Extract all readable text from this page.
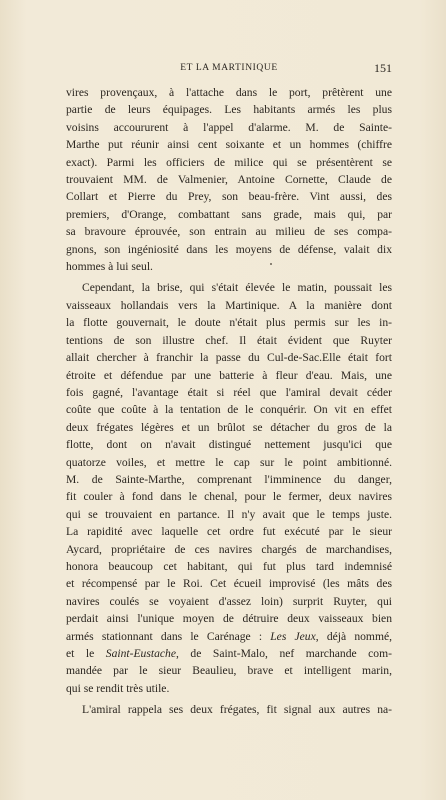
ET LA MARTINIQUE	151
vires provençaux, à l'attache dans le port, prêtèrent une
partie de leurs équipages. Les habitants armés les plus
voisins accoururent à l'appel d'alarme. M. de Sainte-
Marthe put réunir ainsi cent soixante et un hommes (chiffre
exact). Parmi les officiers de milice qui se présentèrent se
trouvaient MM. de Valmenier, Antoine Cornette, Claude de
Collart et Pierre du Prey, son beau-frère. Vint aussi, des
premiers, d'Orange, combattant sans grade, mais qui, par
sa bravoure éprouvée, son entrain au milieu de ses compa-
gnons, son ingéniosité dans les moyens de défense, valait dix
hommes à lui seul.
Cependant, la brise, qui s'était élevée le matin, poussait les
vaisseaux hollandais vers la Martinique. A la manière dont
la flotte gouvernait, le doute n'était plus permis sur les in-
tentions de son illustre chef. Il était évident que Ruyter
allait chercher à franchir la passe du Cul-de-Sac.Elle était fort
étroite et défendue par une batterie à fleur d'eau. Mais, une
fois gagné, l'avantage était si réel que l'amiral devait céder
coûte que coûte à la tentation de le conquérir. On vit en effet
deux frégates légères et un brûlot se détacher du gros de la
flotte, dont on n'avait distingué nettement jusqu'ici que
quatorze voiles, et mettre le cap sur le point ambitionné.
M. de Sainte-Marthe, comprenant l'imminence du danger,
fit couler à fond dans le chenal, pour le fermer, deux navires
qui se trouvaient en partance. Il n'y avait que le temps juste.
La rapidité avec laquelle cet ordre fut exécuté par le sieur
Aycard, propriétaire de ces navires chargés de marchandises,
honora beaucoup cet habitant, qui fut plus tard indemnisé
et récompensé par le Roi. Cet écueil improvisé (les mâts des
navires coulés se voyaient d'assez loin) surprit Ruyter, qui
perdait ainsi l'unique moyen de détruire deux vaisseaux bien
armés stationnant dans le Carénage : Les Jeux, déjà nommé,
et le Saint-Eustache, de Saint-Malo, nef marchande com-
mandée par le sieur Beaulieu, brave et intelligent marin,
qui se rendit très utile.
L'amiral rappela ses deux frégates, fit signal aux autres na-
